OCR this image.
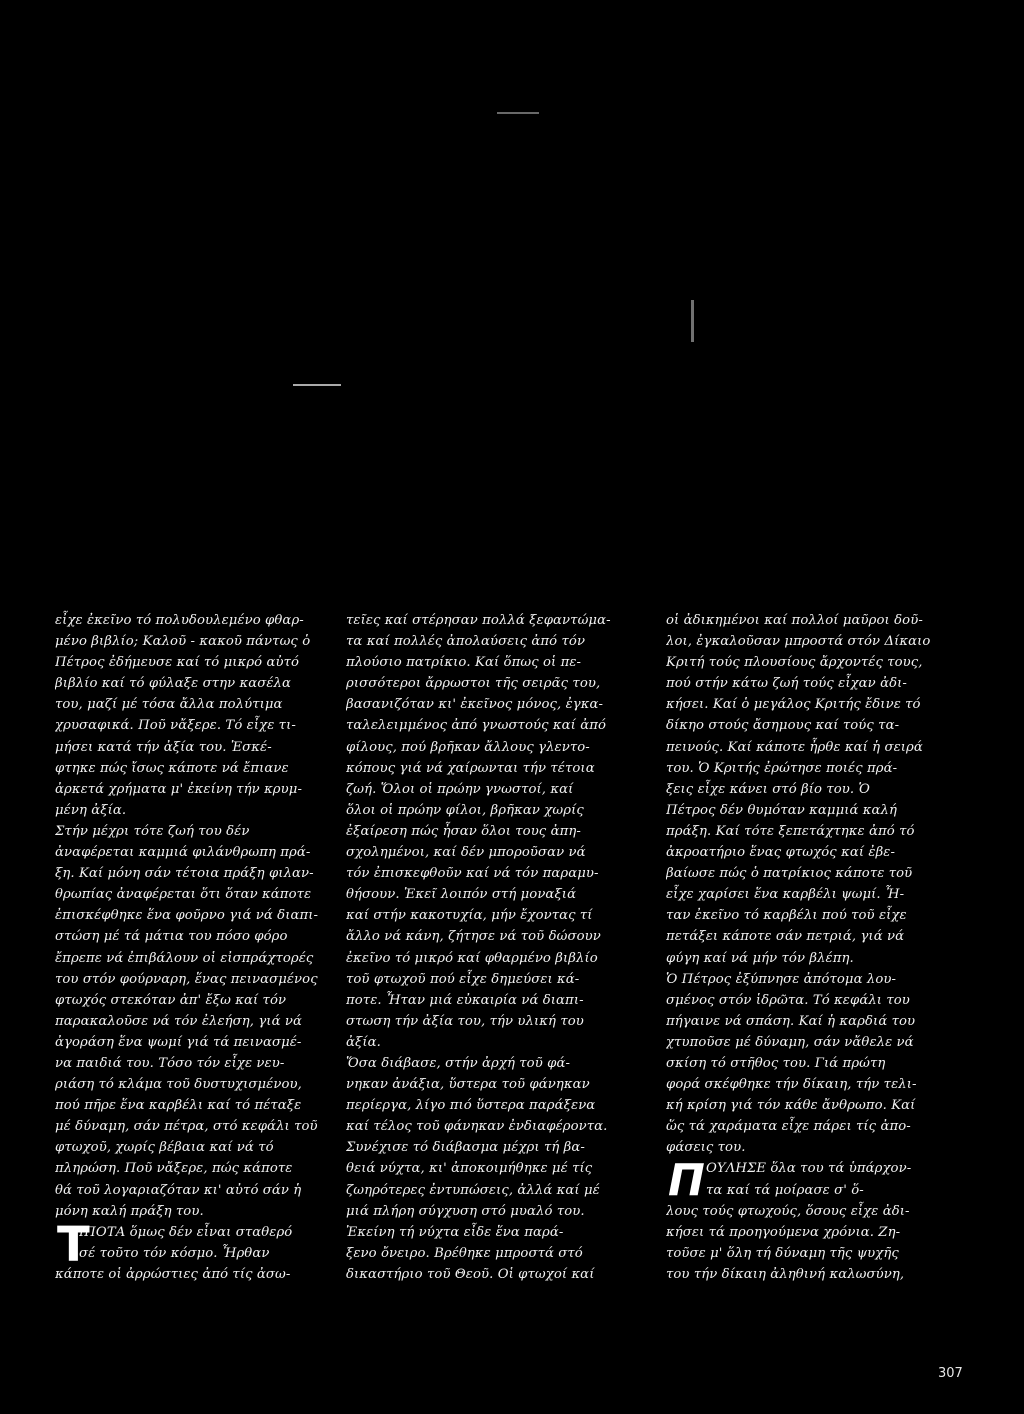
εἶχε ἐκεῖνο τό πολυδουλεμένο φθαρ-
μένο βιβλίο; Καλοῦ - κακοῦ πάντως ὁ
Πέτρος ἐδήμευσε καί τό μικρό αὐτό
βιβλίο καί τό φύλαξε στην κασέλα
του, μαζί μέ τόσα ἄλλα πολύτιμα
χρυσαφικά. Ποῦ νἄξερε. Τό εἶχε τι-
μήσει κατά τήν ἀξία του. Ἐσκέ-
φτηκε πώς ἴσως κάποτε νά ἔπιανε
ἀρκετά χρήματα μ' ἐκείνη τήν κρυμ-
μένη ἀξία.
Στήν μέχρι τότε ζωή του δέν
ἀναφέρεται καμμιά φιλάνθρωπη πρά-
ξη. Καί μόνη σάν τέτοια πράξη φιλαν-
θρωπίας ἀναφέρεται ὅτι ὅταν κάποτε
ἐπισκέφθηκε ἕνα φοῦρνο γιά νά διαπι-
στώση μέ τά μάτια του πόσο φόρο
ἔπρεπε νά ἐπιβάλουν οἱ εἰσπράχτορές
του στόν φούρναρη, ἕνας πεινασμένος
φτωχός στεκόταν ἀπ' ἔξω καί τόν
παρακαλοῦσε νά τόν ἐλεήση, γιά νά
ἀγοράση ἕνα ψωμί γιά τά πεινασμέ-
να παιδιά του. Τόσο τόν εἶχε νευ-
ριάση τό κλάμα τοῦ δυστυχισμένου,
πού πῆρε ἕνα καρβέλι καί τό πέταξε
μέ δύναμη, σάν πέτρα, στό κεφάλι τοῦ
φτωχοῦ, χωρίς βέβαια καί νά τό
πληρώση. Ποῦ νἄξερε, πώς κάποτε
θά τοῦ λογαριαζόταν κι' αὐτό σάν ἡ
μόνη καλή πράξη του.
Τ
ΙΠΟΤΑ ὅμως δέν εἶναι σταθερό
σέ τοῦτο τόν κόσμο. Ἦρθαν
κάποτε οἱ ἀρρώστιες ἀπό τίς ἀσω-
τεῖες καί στέρησαν πολλά ξεφαντώμα-
τα καί πολλές ἀπολαύσεις ἀπό τόν
πλούσιο πατρίκιο. Καί ὅπως οἱ πε-
ρισσότεροι ἄρρωστοι τῆς σειρᾶς του,
βασανιζόταν κι' ἐκεῖνος μόνος, ἐγκα-
ταλελειμμένος ἀπό γνωστούς καί ἀπό
φίλους, πού βρῆκαν ἄλλους γλεντο-
κόπους γιά νά χαίρωνται τήν τέτοια
ζωή. Ὅλοι οἱ πρώην γνωστοί, καί
ὅλοι οἱ πρώην φίλοι, βρῆκαν χωρίς
ἐξαίρεση πώς ἦσαν ὅλοι τους ἀπη-
σχολημένοι, καί δέν μποροῦσαν νά
τόν ἐπισκεφθοῦν καί νά τόν παραμυ-
θήσουν. Ἐκεῖ λοιπόν στή μοναξιά
καί στήν κακοτυχία, μήν ἔχοντας τί
ἄλλο νά κάνη, ζήτησε νά τοῦ δώσουν
ἐκεῖνο τό μικρό καί φθαρμένο βιβλίο
τοῦ φτωχοῦ πού εἶχε δημεύσει κά-
ποτε. Ἦταν μιά εὐκαιρία νά διαπι-
στωση τήν ἀξία του, τήν υλική του
ἀξία.
Ὅσα διάβασε, στήν ἀρχή τοῦ φά-
νηκαν ἀνάξια, ὕστερα τοῦ φάνηκαν
περίεργα, λίγο πιό ὕστερα παράξενα
καί τέλος τοῦ φάνηκαν ἐνδιαφέροντα.
Συνέχισε τό διάβασμα μέχρι τή βα-
θειά νύχτα, κι' ἀποκοιμήθηκε μέ τίς
ζωηρότερες ἐντυπώσεις, ἀλλά καί μέ
μιά πλήρη σύγχυση στό μυαλό του.
Ἐκείνη τή νύχτα εἶδε ἕνα παρά-
ξενο ὄνειρο. Βρέθηκε μπροστά στό
δικαστήριο τοῦ Θεοῦ. Οἱ φτωχοί καί
οἱ ἀδικημένοι καί πολλοί μαῦροι δοῦ-
λοι, ἐγκαλοῦσαν μπροστά στόν Δίκαιο
Κριτή τούς πλουσίους ἄρχοντές τους,
πού στήν κάτω ζωή τούς εἶχαν ἀδι-
κήσει. Καί ὁ μεγάλος Κριτής ἔδινε τό
δίκηο στούς ἄσημους καί τούς τα-
πεινούς. Καί κάποτε ἦρθε καί ἡ σειρά
του. Ὁ Κριτής ἐρώτησε ποιές πρά-
ξεις εἶχε κάνει στό βίο του. Ὁ
Πέτρος δέν θυμόταν καμμιά καλή
πράξη. Καί τότε ξεπετάχτηκε ἀπό τό
ἀκροατήριο ἕνας φτωχός καί ἐβε-
βαίωσε πώς ὁ πατρίκιος κάποτε τοῦ
εἶχε χαρίσει ἕνα καρβέλι ψωμί. Ἦ-
ταν ἐκεῖνο τό καρβέλι πού τοῦ εἶχε
πετάξει κάποτε σάν πετριά, γιά νά
φύγη καί νά μήν τόν βλέπη.
Ὁ Πέτρος ἐξύπνησε ἀπότομα λου-
σμένος στόν ἱδρῶτα. Τό κεφάλι του
πήγαινε νά σπάση. Καί ἡ καρδιά του
χτυποῦσε μέ δύναμη, σάν νἄθελε νά
σκίση τό στῆθος του. Γιά πρώτη
φορά σκέφθηκε τήν δίκαιη, τήν τελι-
κή κρίση γιά τόν κάθε ἄνθρωπο. Καί
ὥς τά χαράματα εἶχε πάρει τίς ἀπο-
φάσεις του.
Π ΟΥΛΗΣΕ ὅλα του τά ὑπάρχον-
τα καί τά μοίρασε σ' ὅ-
λους τούς φτωχούς, ὅσους εἶχε ἀδι-
κήσει τά προηγούμενα χρόνια. Ζη-
τοῦσε μ' ὅλη τή δύναμη τῆς ψυχῆς
του τήν δίκαιη ἀληθινή καλωσύνη,
307
